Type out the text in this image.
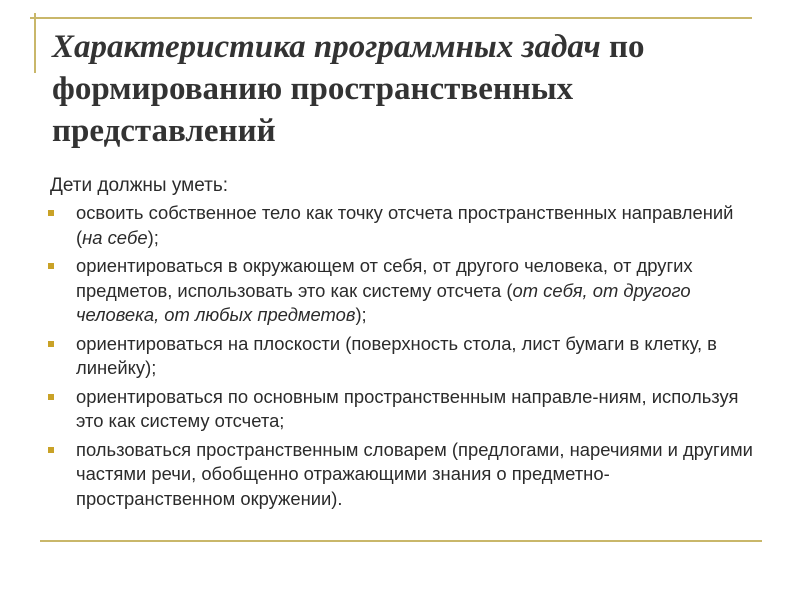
Характеристика программных задач по формированию пространственных представлений
Дети должны уметь:
освоить собственное тело как точку отсчета пространственных направлений (на себе);
ориентироваться в окружающем от себя, от другого человека, от других предметов, использовать это как систему отсчета (от себя, от другого человека, от любых предметов);
ориентироваться на плоскости (поверхность стола, лист бумаги в клетку, в линейку);
ориентироваться по основным пространственным направле-ниям, используя это как систему отсчета;
пользоваться пространственным словарем (предлогами, наречиями и другими частями речи, обобщенно отражающими знания о предметно-пространственном окружении).
